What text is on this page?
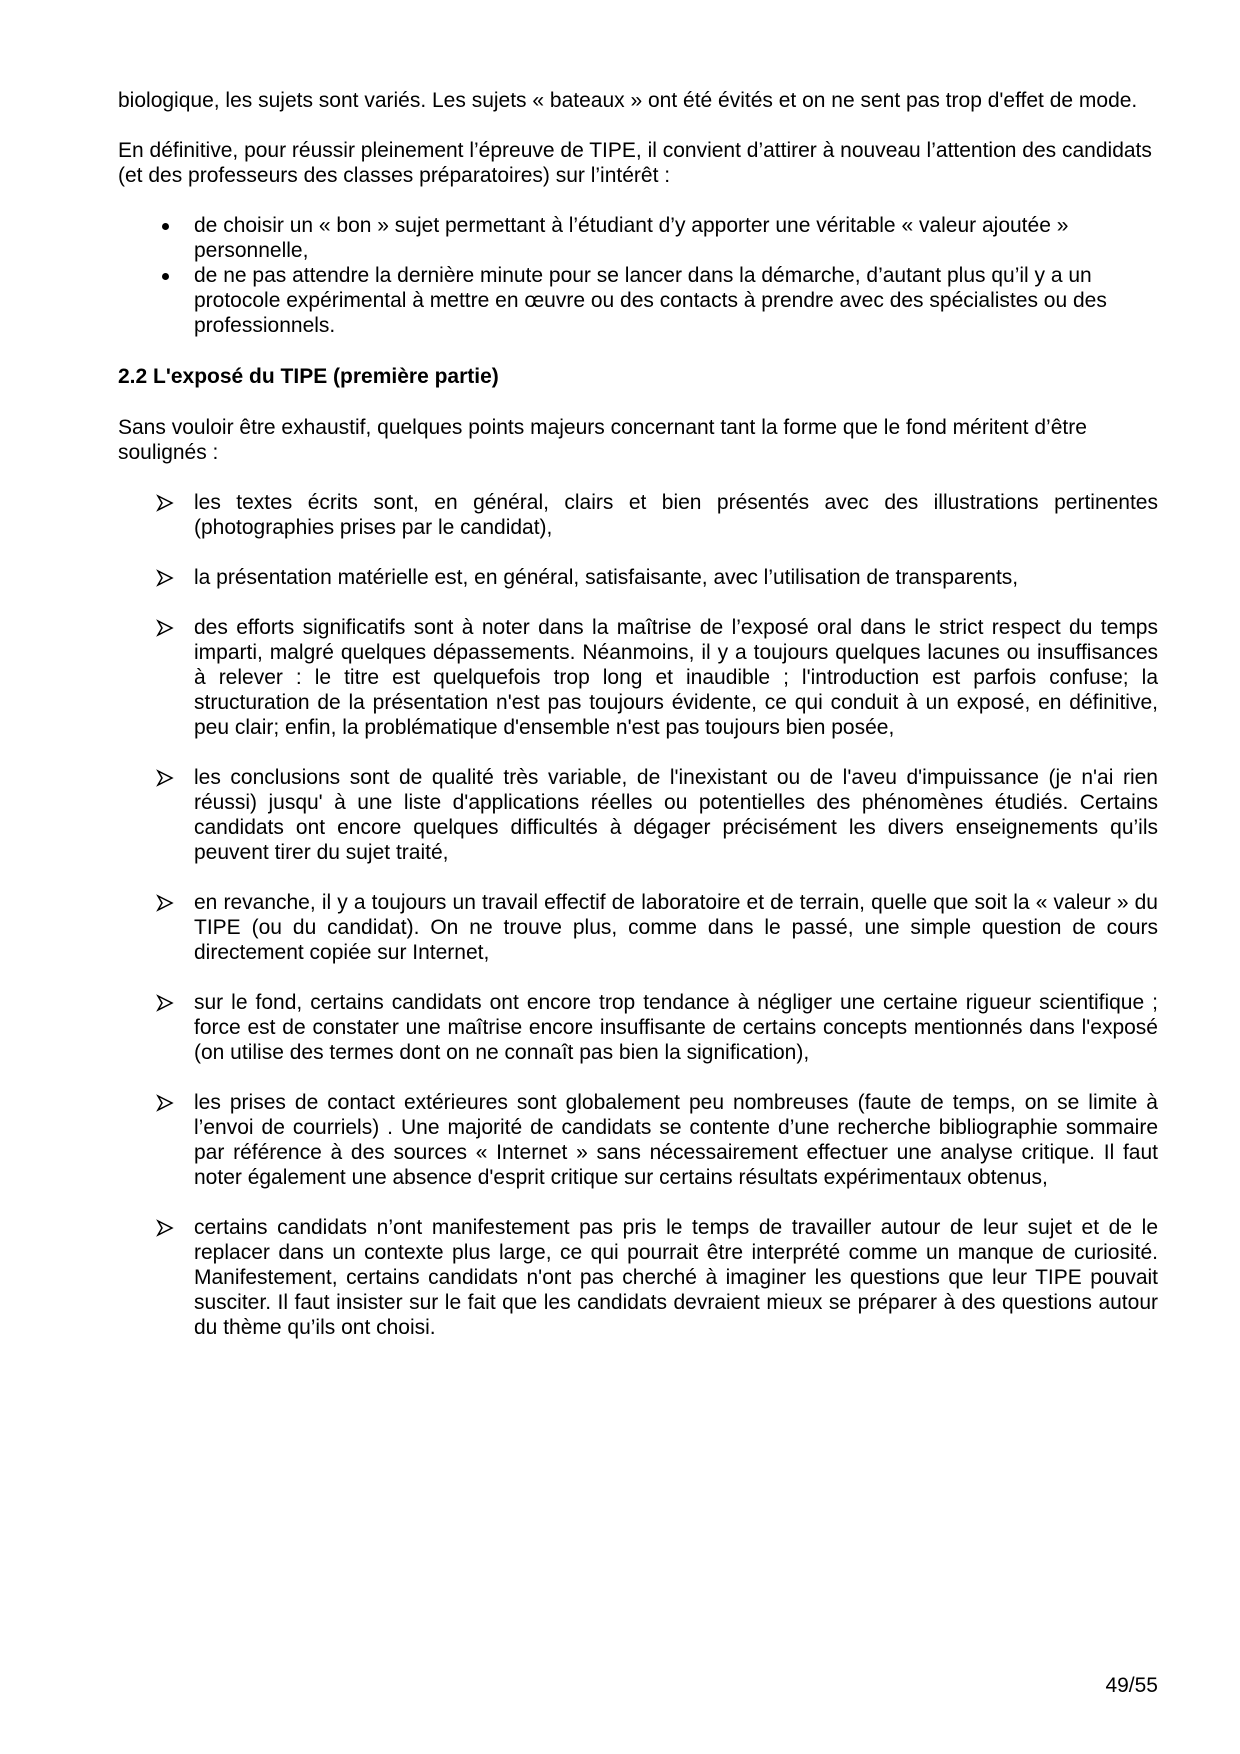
biologique, les sujets sont variés. Les sujets « bateaux » ont été évités et on ne sent pas trop d'effet de mode.

En définitive, pour réussir pleinement l’épreuve de TIPE, il convient d’attirer à nouveau l’attention des candidats (et des professeurs des classes préparatoires) sur l’intérêt :

de choisir un « bon » sujet permettant à l’étudiant d’y apporter une véritable « valeur ajoutée » personnelle,
de ne pas attendre la dernière minute pour se lancer dans la démarche, d’autant plus qu’il y a un protocole expérimental à mettre en œuvre ou des contacts à prendre avec des spécialistes ou des professionnels.

2.2 L'exposé du TIPE (première partie)

Sans vouloir être exhaustif, quelques points majeurs concernant tant la forme que le fond méritent d’être soulignés :

les textes écrits sont, en général, clairs et bien présentés avec des illustrations pertinentes (photographies prises par le candidat),
la présentation matérielle est, en général, satisfaisante, avec l’utilisation de transparents,
des efforts significatifs sont à noter dans la maîtrise de l’exposé oral dans le strict respect du temps imparti, malgré quelques dépassements. Néanmoins, il y a toujours quelques lacunes ou insuffisances à relever : le titre est quelquefois trop long et inaudible ; l'introduction est parfois confuse; la structuration de la présentation n'est pas toujours évidente, ce qui conduit à un exposé, en définitive, peu clair; enfin, la problématique d'ensemble n'est pas toujours bien posée,
les conclusions sont de qualité très variable, de l'inexistant ou de l'aveu d'impuissance (je n'ai rien réussi) jusqu' à une liste d'applications réelles ou potentielles des phénomènes étudiés. Certains candidats ont encore quelques difficultés à dégager précisément les divers enseignements qu’ils peuvent tirer du sujet traité,
en revanche, il y a toujours un travail effectif de laboratoire et de terrain, quelle que soit la « valeur » du TIPE (ou du candidat). On ne trouve plus, comme dans le passé, une simple question de cours directement copiée sur Internet,
sur le fond, certains candidats ont encore trop tendance à négliger une certaine rigueur scientifique ; force est de constater une maîtrise encore insuffisante de certains concepts mentionnés dans l'exposé (on utilise des termes dont on ne connaît pas bien la signification),
les prises de contact extérieures sont globalement peu nombreuses (faute de temps, on se limite à l’envoi de courriels) . Une majorité de candidats se contente d’une recherche bibliographie sommaire par référence à des sources « Internet » sans nécessairement effectuer une analyse critique. Il faut noter également une absence d'esprit critique sur certains résultats expérimentaux obtenus,
certains candidats n’ont manifestement pas pris le temps de travailler autour de leur sujet et de le replacer dans un contexte plus large, ce qui pourrait être interprété comme un manque de curiosité. Manifestement, certains candidats n'ont pas cherché à imaginer les questions que leur TIPE pouvait susciter. Il faut insister sur le fait que les candidats devraient mieux se préparer à des questions autour du thème qu’ils ont choisi.
49/55
